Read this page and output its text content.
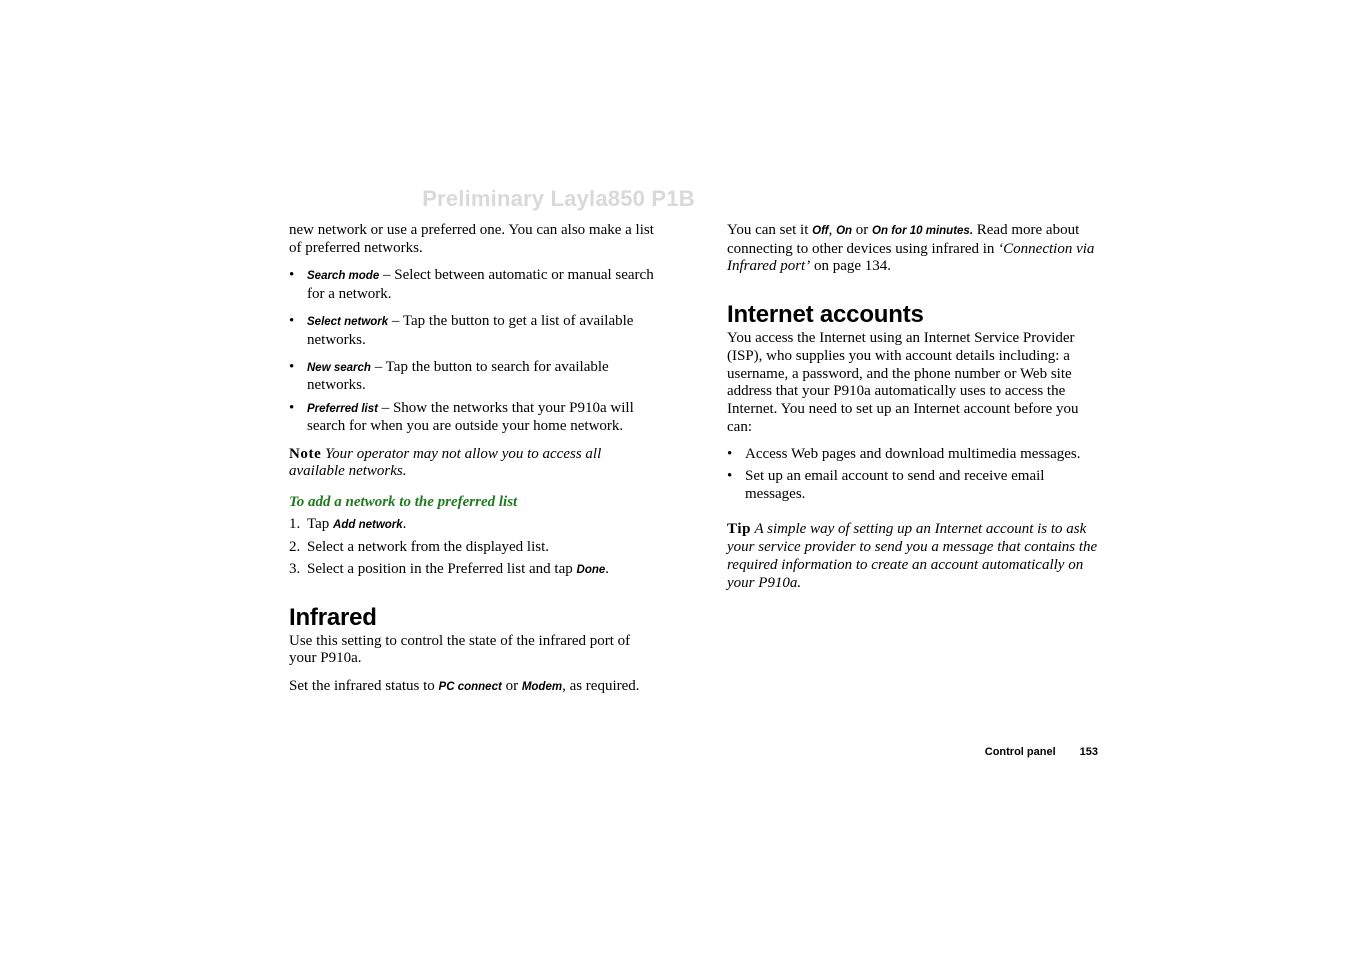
Preliminary Layla850 P1B

new network or use a preferred one. You can also make a list of preferred networks.

• Search mode – Select between automatic or manual search for a network.
• Select network – Tap the button to get a list of available networks.
• New search – Tap the button to search for available networks.
• Preferred list – Show the networks that your P910a will search for when you are outside your home network.

Note Your operator may not allow you to access all available networks.

To add a network to the preferred list

1. Tap Add network.
2. Select a network from the displayed list.
3. Select a position in the Preferred list and tap Done.
Infrared

Use this setting to control the state of the infrared port of your P910a.

Set the infrared status to PC connect or Modem, as required.

You can set it Off, On or On for 10 minutes. Read more about connecting to other devices using infrared in ‘Connection via Infrared port’ on page 134.

Internet accounts

You access the Internet using an Internet Service Provider (ISP), who supplies you with account details including: a username, a password, and the phone number or Web site address that your P910a automatically uses to access the Internet. You need to set up an Internet account before you can:

• Access Web pages and download multimedia messages.
• Set up an email account to send and receive email messages.

Tip A simple way of setting up an Internet account is to ask your service provider to send you a message that contains the required information to create an account automatically on your P910a.

Control panel 153
